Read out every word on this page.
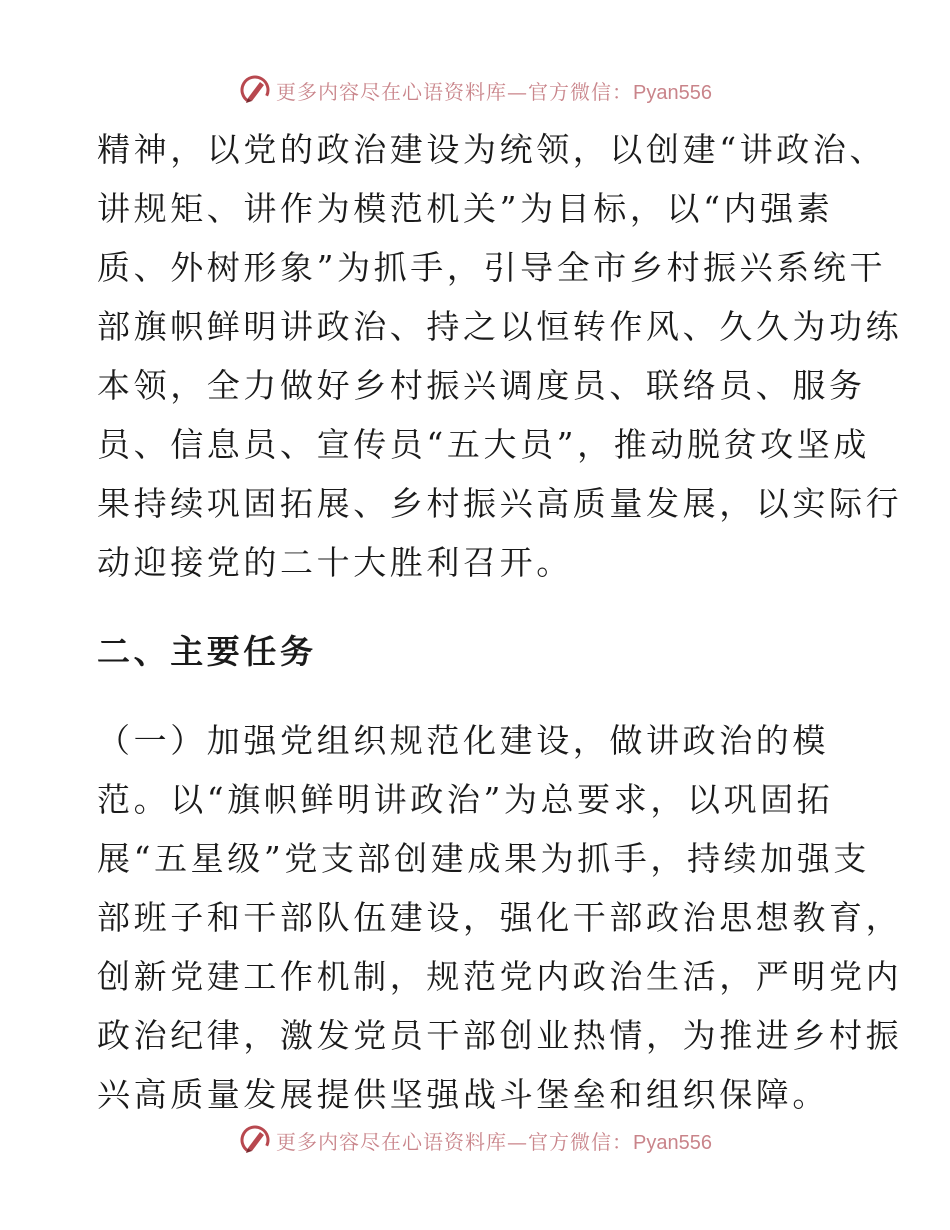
更多内容尽在心语资料库—官方微信：Pyan556

精神，以党的政治建设为统领，以创建“讲政治、
讲规矩、讲作为模范机关”为目标，以“内强素
质、外树形象”为抓手，引导全市乡村振兴系统干
部旗帜鲜明讲政治、持之以恒转作风、久久为功练
本领，全力做好乡村振兴调度员、联络员、服务
员、信息员、宣传员“五大员”，推动脱贫攻坚成
果持续巩固拓展、乡村振兴高质量发展，以实际行
动迎接党的二十大胜利召开。

二、主要任务

（一）加强党组织规范化建设，做讲政治的模
范。以“旗帜鲜明讲政治”为总要求，以巩固拓
展“五星级”党支部创建成果为抓手，持续加强支
部班子和干部队伍建设，强化干部政治思想教育，
创新党建工作机制，规范党内政治生活，严明党内
政治纪律，激发党员干部创业热情，为推进乡村振
兴高质量发展提供坚强战斗堡垒和组织保障。

更多内容尽在心语资料库—官方微信：Pyan556
